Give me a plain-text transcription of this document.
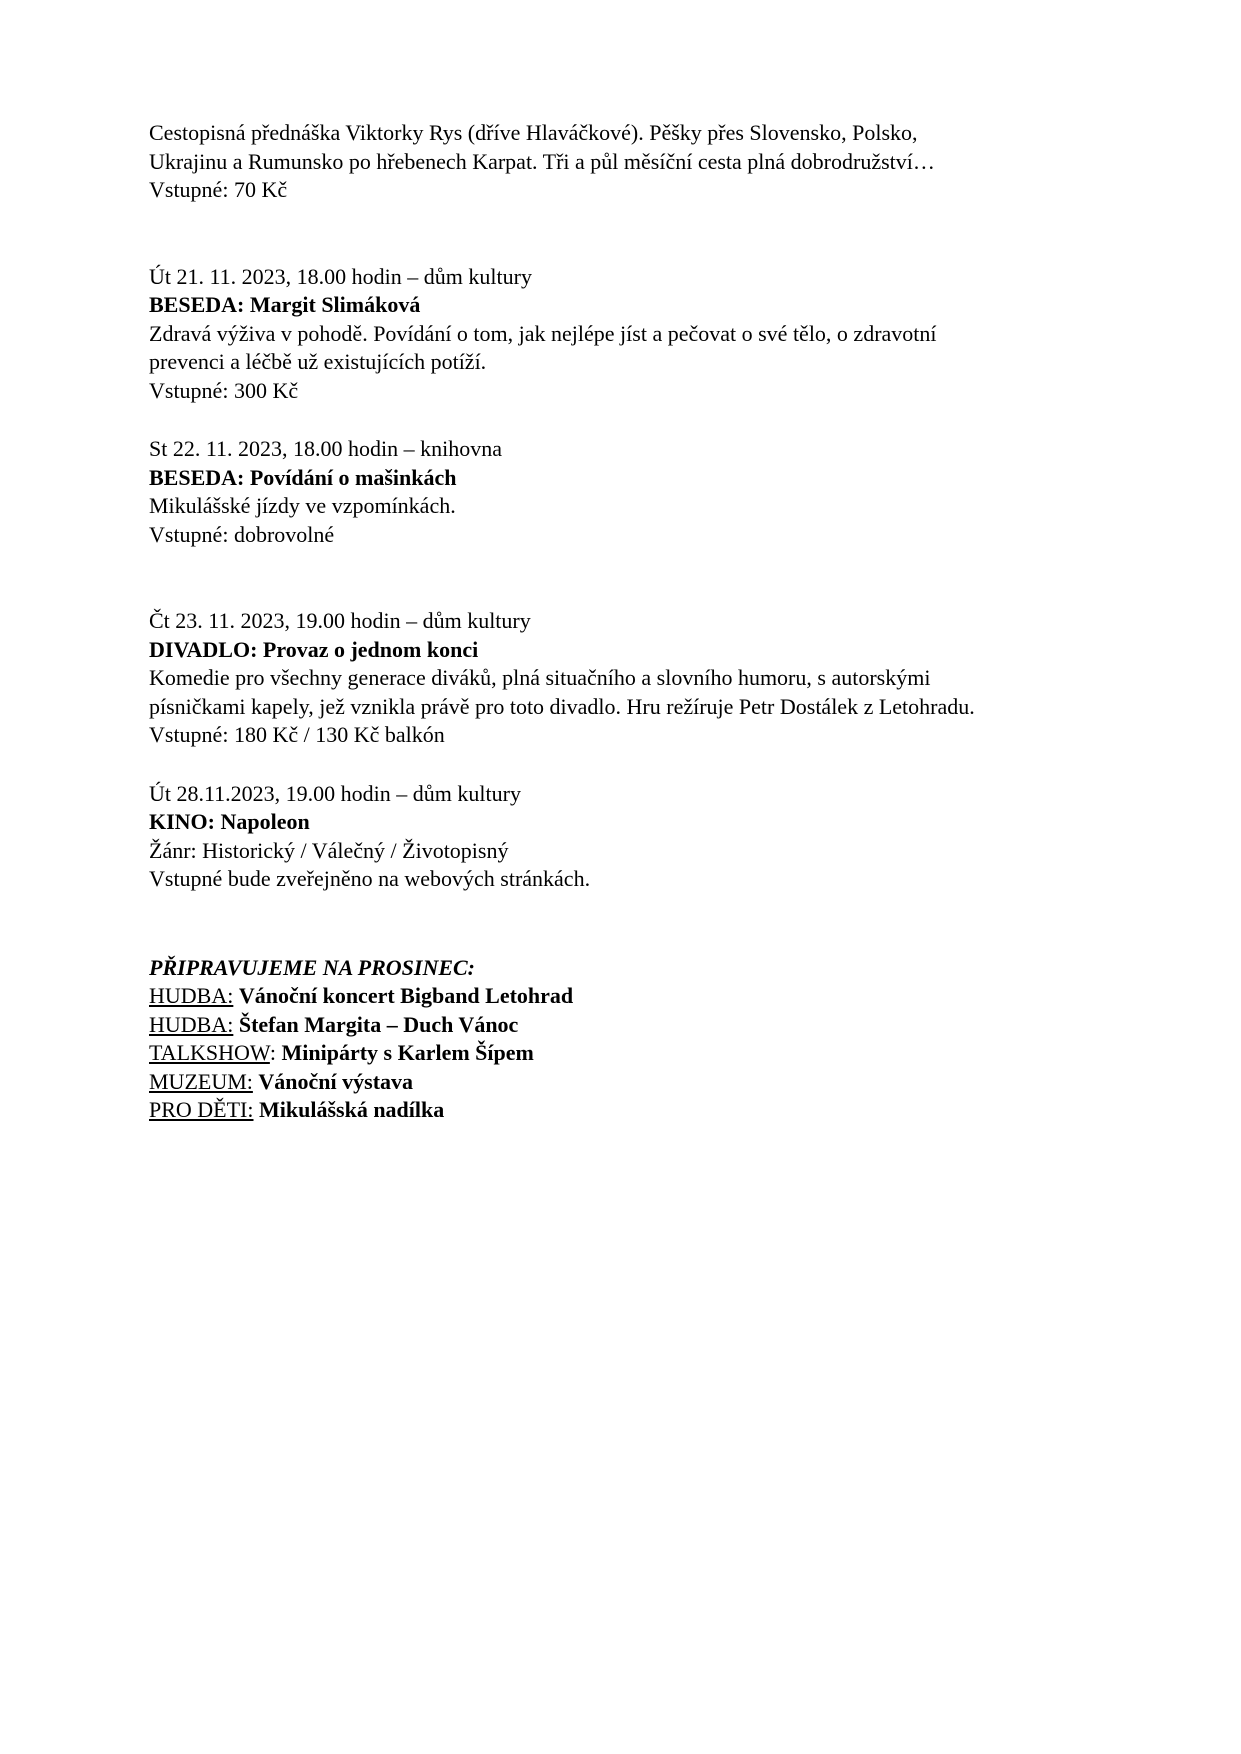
Cestopisná přednáška Viktorky Rys (dříve Hlaváčkové). Pěšky přes Slovensko, Polsko,
Ukrajinu a Rumunsko po hřebenech Karpat. Tři a půl měsíční cesta plná dobrodružství…
Vstupné: 70 Kč
Út 21. 11. 2023, 18.00 hodin – dům kultury
BESEDA: Margit Slimáková
Zdravá výživa v pohodě. Povídání o tom, jak nejlépe jíst a pečovat o své tělo, o zdravotní
prevenci a léčbě už existujících potíží.
Vstupné: 300 Kč
St 22. 11. 2023, 18.00 hodin – knihovna
BESEDA: Povídání o mašinkách
Mikulášské jízdy ve vzpomínkách.
Vstupné: dobrovolné
Čt 23. 11. 2023, 19.00 hodin – dům kultury
DIVADLO: Provaz o jednom konci
Komedie pro všechny generace diváků, plná situačního a slovního humoru, s autorskými
písničkami kapely, jež vznikla právě pro toto divadlo. Hru režíruje Petr Dostálek z Letohradu.
Vstupné: 180 Kč / 130 Kč balkón
Út 28.11.2023, 19.00 hodin – dům kultury
KINO: Napoleon
Žánr: Historický / Válečný / Životopisný
Vstupné bude zveřejněno na webových stránkách.
PŘIPRAVUJEME NA PROSINEC:
HUDBA: Vánoční koncert Bigband Letohrad
HUDBA: Štefan Margita – Duch Vánoc
TALKSHOW: Minipárty s Karlem Šípem
MUZEUM: Vánoční výstava
PRO DĚTI: Mikulášská nadílka
